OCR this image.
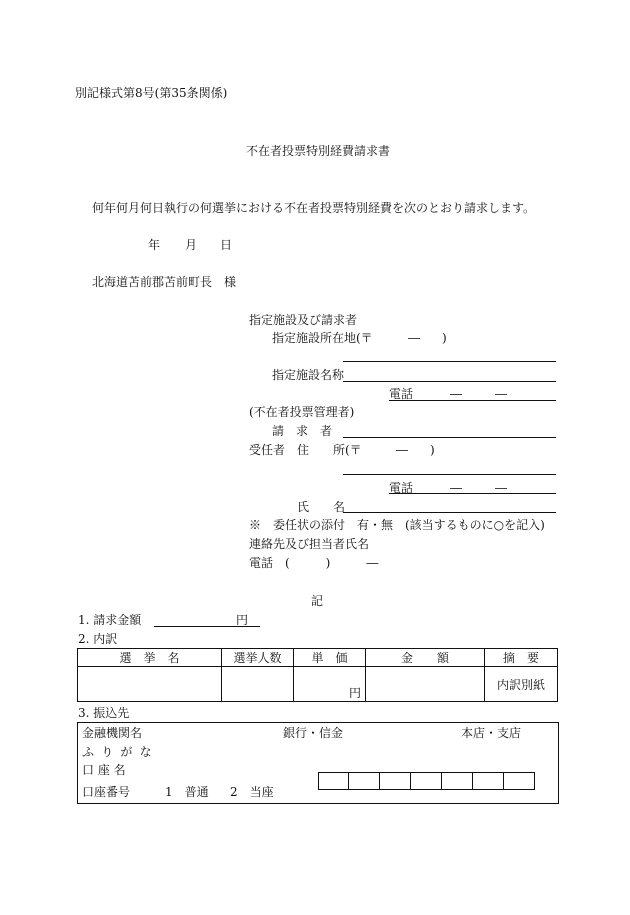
別記様式第8号(第35条関係)
不在者投票特別経費請求書
何年何月何日執行の何選挙における不在者投票特別経費を次のとおり請求します。
年 月 日
北海道苫前郡苫前町長　様
指定施設及び請求者
指定施設所在地(〒	― )
指定施設名称
電話	―	―
(不在者投票管理者)
請　求　者
受任者 住　　所(〒	― )
電話	―	―
氏　　名
※　委任状の添付　有・無　(該当するものに○を記入)
連絡先及び担当者氏名
電話　(　　　)　　　―
記
1. 請求金額	円
2. 内訳
選　挙　名	選挙人数	単　価	金　　額	摘　要
		円		内訳別紙
3. 振込先
金融機関名	銀行・信金	本店・支店
ふりがな
口 座 名
口座番号	1　普通 2　当座
